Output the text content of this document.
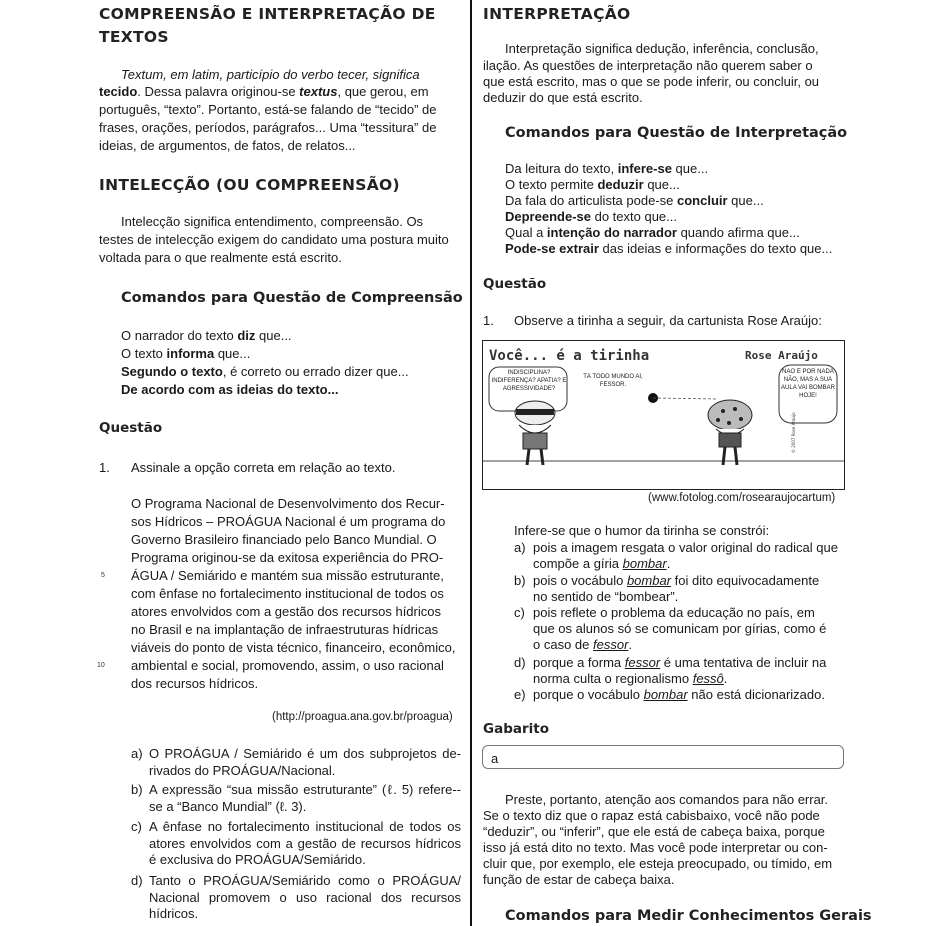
COMPREENSÃO E INTERPRETAÇÃO DE
TEXTOS
Textum, em latim, particípio do verbo tecer, significa
tecido. Dessa palavra originou-se textus, que gerou, em
português, “texto”. Portanto, está-se falando de “tecido” de
frases, orações, períodos, parágrafos... Uma “tessitura” de
ideias, de argumentos, de fatos, de relatos...
INTELECÇÃO (OU COMPREENSÃO)
Intelecção significa entendimento, compreensão. Os
testes de intelecção exigem do candidato uma postura muito
voltada para o que realmente está escrito.
Comandos para Questão de Compreensão
O narrador do texto diz que...
O texto informa que...
Segundo o texto, é correto ou errado dizer que...
De acordo com as ideias do texto...
Questão
1. Assinale a opção correta em relação ao texto.
O Programa Nacional de Desenvolvimento dos Recur-
sos Hídricos – PROÁGUA Nacional é um programa do
Governo Brasileiro financiado pelo Banco Mundial. O
Programa originou-se da exitosa experiência do PRO-
ÁGUA / Semiárido e mantém sua missão estruturante,
com ênfase no fortalecimento institucional de todos os
atores envolvidos com a gestão dos recursos hídricos
no Brasil e na implantação de infraestruturas hídricas
viáveis do ponto de vista técnico, financeiro, econômico,
ambiental e social, promovendo, assim, o uso racional
dos recursos hídricos.
5
10
(http://proagua.ana.gov.br/proagua)
a) O PROÁGUA / Semiárido é um dos subprojetos de-rivados do PROÁGUA/Nacional.
b) A expressão “sua missão estruturante” (ℓ. 5) refere--se a “Banco Mundial” (ℓ. 3).
c) A ênfase no fortalecimento institucional de todos os atores envolvidos com a gestão de recursos hídricos é exclusiva do PROÁGUA/Semiárido.
d) Tanto o PROÁGUA/Semiárido como o PROÁGUA/ Nacional promovem o uso racional dos recursos hídricos.
INTERPRETAÇÃO
Interpretação significa dedução, inferência, conclusão,
ilação. As questões de interpretação não querem saber o
que está escrito, mas o que se pode inferir, ou concluir, ou
deduzir do que está escrito.
Comandos para Questão de Interpretação
Da leitura do texto, infere-se que...
O texto permite deduzir que...
Da fala do articulista pode-se concluir que...
Depreende-se do texto que...
Qual a intenção do narrador quando afirma que...
Pode-se extrair das ideias e informações do texto que...
Questão
1. Observe a tirinha a seguir, da cartunista Rose Araújo:
Você... é a tirinha	Rose Araújo
INDISCIPLINA? INDIFERENÇA? APATIA? E AGRESSIVIDADE?
TÁ TODO MUNDO AÍ, FESSOR.
NÃO É POR NADA NÃO, MAS A SUA AULA VAI BOMBAR HOJE!
© 2007 Rose Araújo
(www.fotolog.com/rosearaujocartum)
Infere-se que o humor da tirinha se constrói:
a) pois a imagem resgata o valor original do radical que
compõe a gíria bombar.
b) pois o vocábulo bombar foi dito equivocadamente
no sentido de “bombear”.
c) pois reflete o problema da educação no país, em
que os alunos só se comunicam por gírias, como é
o caso de fessor.
d) porque a forma fessor é uma tentativa de incluir na
norma culta o regionalismo fessô.
e) porque o vocábulo bombar não está dicionarizado.
Gabarito
a
Preste, portanto, atenção aos comandos para não errar.
Se o texto diz que o rapaz está cabisbaixo, você não pode
“deduzir”, ou “inferir”, que ele está de cabeça baixa, porque
isso já está dito no texto. Mas você pode interpretar ou con-
cluir que, por exemplo, ele esteja preocupado, ou tímido, em
função de estar de cabeça baixa.
Comandos para Medir Conhecimentos Gerais
